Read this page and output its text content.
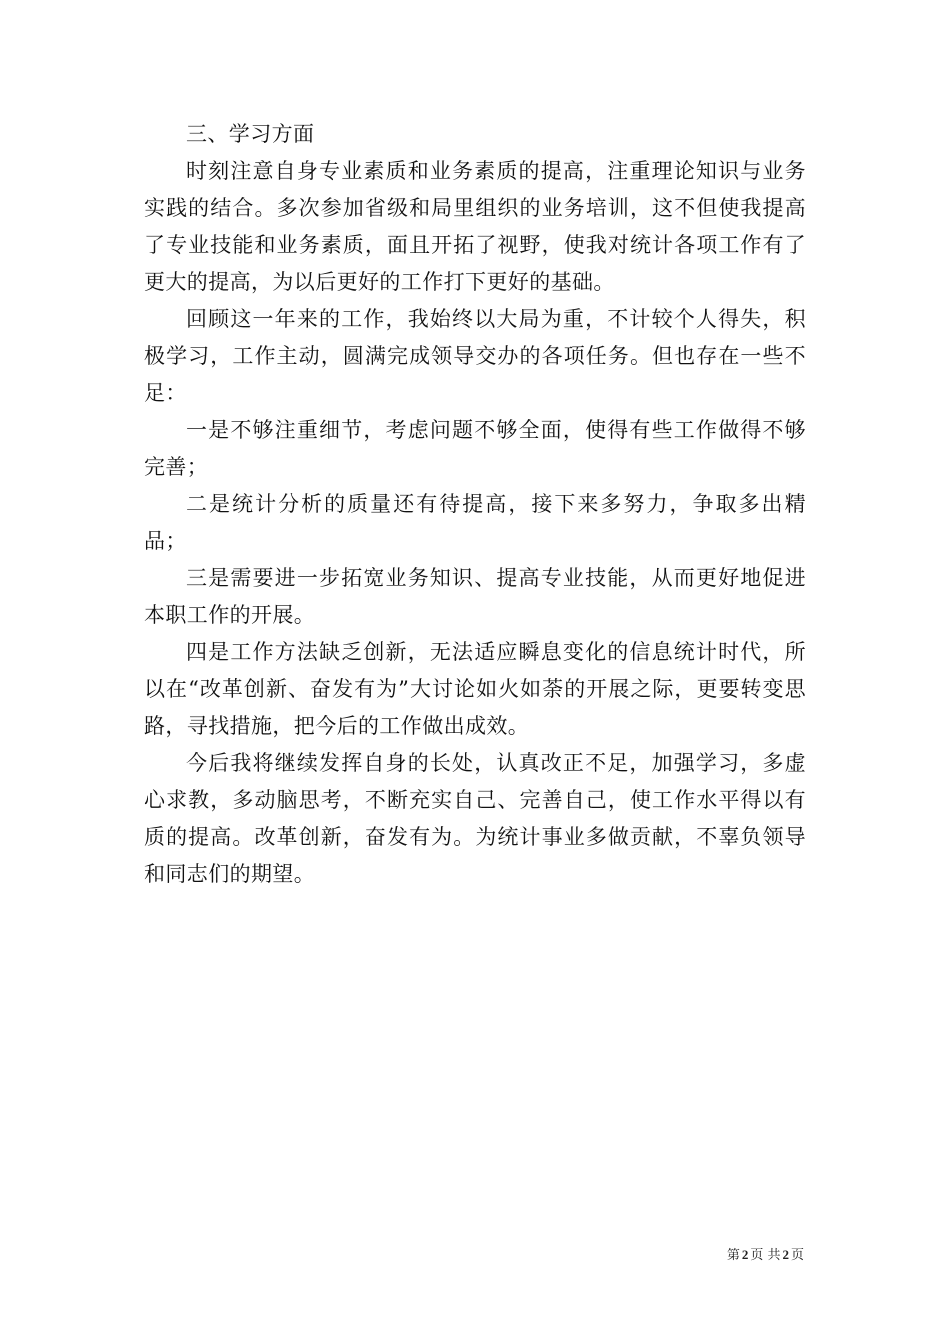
三、学习方面

时刻注意自身专业素质和业务素质的提高，注重理论知识与业务实践的结合。多次参加省级和局里组织的业务培训，这不但使我提高了专业技能和业务素质，面且开拓了视野，使我对统计各项工作有了更大的提高，为以后更好的工作打下更好的基础。

回顾这一年来的工作，我始终以大局为重，不计较个人得失，积极学习，工作主动，圆满完成领导交办的各项任务。但也存在一些不足：

一是不够注重细节，考虑问题不够全面，使得有些工作做得不够完善；

二是统计分析的质量还有待提高，接下来多努力，争取多出精品；

三是需要进一步拓宽业务知识、提高专业技能，从而更好地促进本职工作的开展。

四是工作方法缺乏创新，无法适应瞬息变化的信息统计时代，所以在“改革创新、奋发有为”大讨论如火如荼的开展之际，更要转变思路，寻找措施，把今后的工作做出成效。

今后我将继续发挥自身的长处，认真改正不足，加强学习，多虚心求教，多动脑思考，不断充实自己、完善自己，使工作水平得以有质的提高。改革创新，奋发有为。为统计事业多做贡献，不辜负领导和同志们的期望。

第 2 页 共 2 页
